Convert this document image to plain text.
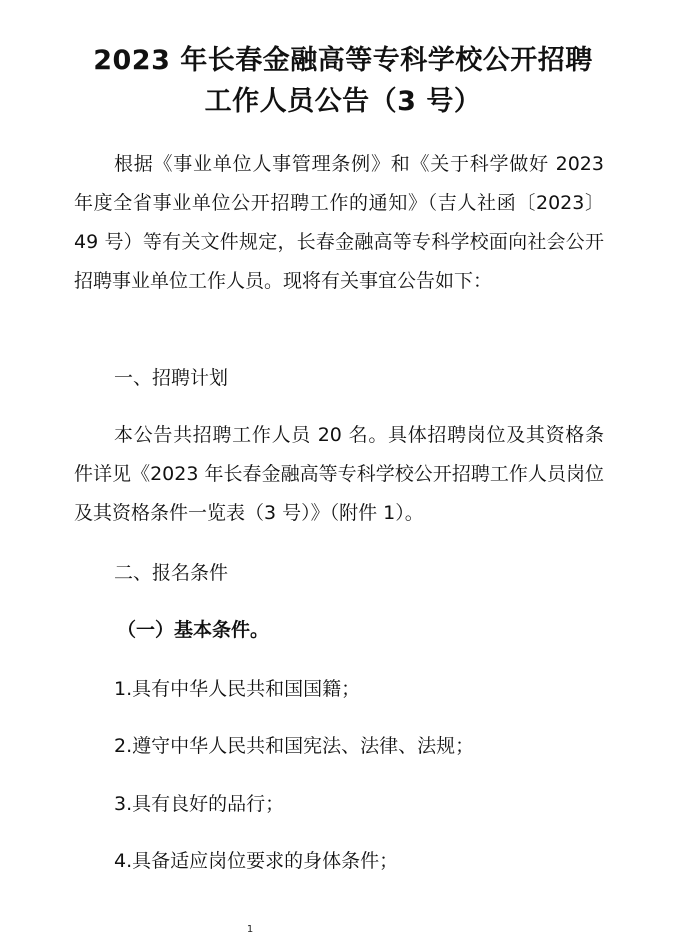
2023 年长春金融高等专科学校公开招聘
工作人员公告（3 号）

根据《事业单位人事管理条例》和《关于科学做好 2023 年度全省事业单位公开招聘工作的通知》（吉人社函〔2023〕49 号）等有关文件规定，长春金融高等专科学校面向社会公开招聘事业单位工作人员。现将有关事宜公告如下：

一、招聘计划

本公告共招聘工作人员 20 名。具体招聘岗位及其资格条件详见《2023 年长春金融高等专科学校公开招聘工作人员岗位及其资格条件一览表（3 号）》（附件 1）。

二、报名条件

（一）基本条件。

1.具有中华人民共和国国籍；

2.遵守中华人民共和国宪法、法律、法规；

3.具有良好的品行；

4.具备适应岗位要求的身体条件；

1
